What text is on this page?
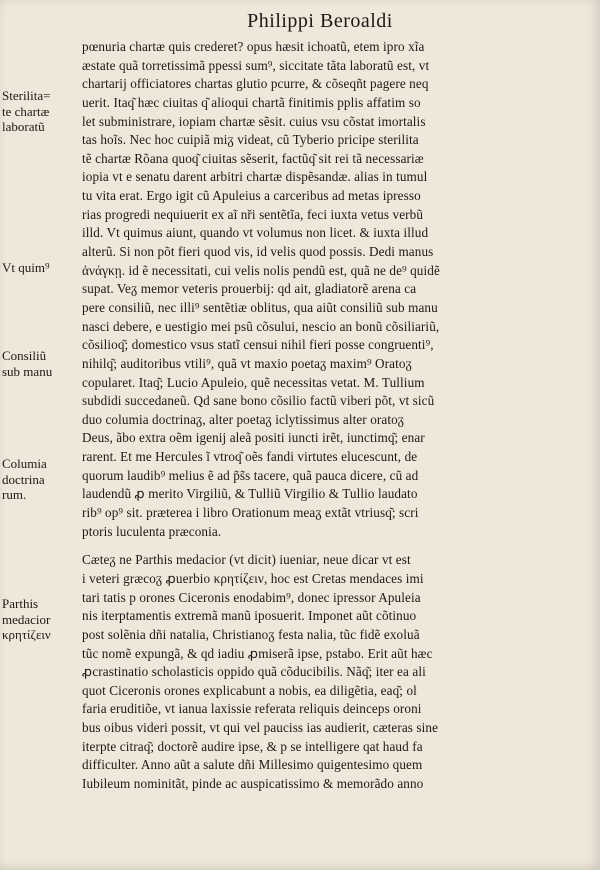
Philippi Beroaldi
Sterilita=
te chartæ
laboratũ
Vt quim⁹
Consiliũ
sub manu
Columia
doctrina
rum.
Parthis
medacior
κρητίζειν
pœnuria chartæ quis crederet? opus hæsit ichoatũ, etem ipro xĩa
æstate quã torretissimã ppessi sum⁹, siccitate tãta laboratũ est, vt
chartarij officiatores chartas glutio pcurre, & cõseqñt pagere neq
uerit. Itaq͂ hæc ciuitas q͂ alioqui chartã finitimis pplis affatim so
let subministrare, iopiam chartæ sẽsit. cuius vsu cõstat imortalis
tas hoĩs. Nec hoc cuipiã miᵹ videat, cũ Tyberio pricipe sterilita
tẽ chartæ Rõana quoq͂ ciuitas sẽserit, factũq͂ sit rei tã necessariæ
iopia vt e senatu darent arbitri chartæ dispẽsandæ. alias in tumul
tu vita erat. Ergo igit cũ Apuleius a carceribus ad metas ipresso
rias progredi nequiuerit ex aĩ nři sentẽtĩa, feci iuxta vetus verbũ
illd. Vt quimus aiunt, quando vt volumus non licet. & iuxta illud
alterũ. Si non põt fieri quod vis, id velis quod possis. Dedi manus
ἀνάγκῃ. id ẽ necessitati, cui velis nolis pendũ est, quã ne de⁹ quidẽ
supat. Veᵹ memor veteris prouerbij: qd ait, gladiatorẽ arena ca
pere consiliũ, nec illi⁹ sentẽtiæ oblitus, qua aiũt consiliũ sub manu
nasci debere, e uestigio mei psũ cõsului, nescio an bonũ cõsiliariũ,
cõsilioq͂; domestico vsus statĩ censui nihil fieri posse congruenti⁹,
nihilq͂; auditoribus vtili⁹, quã vt maxio poetaᵹ maxim⁹ Oratoᵹ
copularet. Itaq͂; Lucio Apuleio, quẽ necessitas vetat. M. Tullium
subdidi succedaneũ. Qd sane bono cõsilio factũ viberi põt, vt sicũ
duo columia doctrinaᵹ, alter poetaᵹ iclytissimus alter oratoᵹ
Deus, ãbo extra oẽm igenij aleã positi iuncti irẽt, iunctimq͂; enar
rarent. Et me Hercules ĩ vtroq͂ oẽs fandi virtutes elucescunt, de
quorum laudib⁹ melius ẽ ad p̃s̃s tacere, quã pauca dicere, cũ ad
laudendũ ꝓ merito Virgiliũ, & Tulliũ Virgilio & Tullio laudato
rib⁹ op⁹ sit. præterea i libro Orationum meaᵹ extãt vtriusq͂; scri
ptoris luculenta præconia.
Cæteᵹ ne Parthis medacior (vt dicit) iueniar, neue dicar vt est
i veteri græcoᵹ ꝓuerbio κρητίζειν, hoc est Cretas mendaces imi
tari tatis p orones Ciceronis enodabim⁹, donec ipressor Apuleia
nis iterptamentis extremã manũ iposuerit. Imponet aũt cõtinuo
post solẽnia dñi natalia, Christianoᵹ festa nalia, tũc fidẽ exoluã
tũc nomẽ expungã, & qd iadiu ꝓmiserã ipse, pstabo. Erit aũt hæc
ꝓcrastinatio scholasticis oppido quã cõducibilis. Nãq͂; iter ea ali
quot Ciceronis orones explicabunt a nobis, ea diligẽtia, eaq͂; ol
faria eruditiõe, vt ianua laxissie referata reliquis deinceps oroni
bus oibus videri possit, vt qui vel pauciss ias audierit, cæteras sine
iterpte citraq͂; doctorẽ audire ipse, & p se intelligere qat haud fa
difficulter. Anno aũt a salute dñi Millesimo quigentesimo quem
Iubileum nominitãt, pinde ac auspicatissimo & memorãdo anno
